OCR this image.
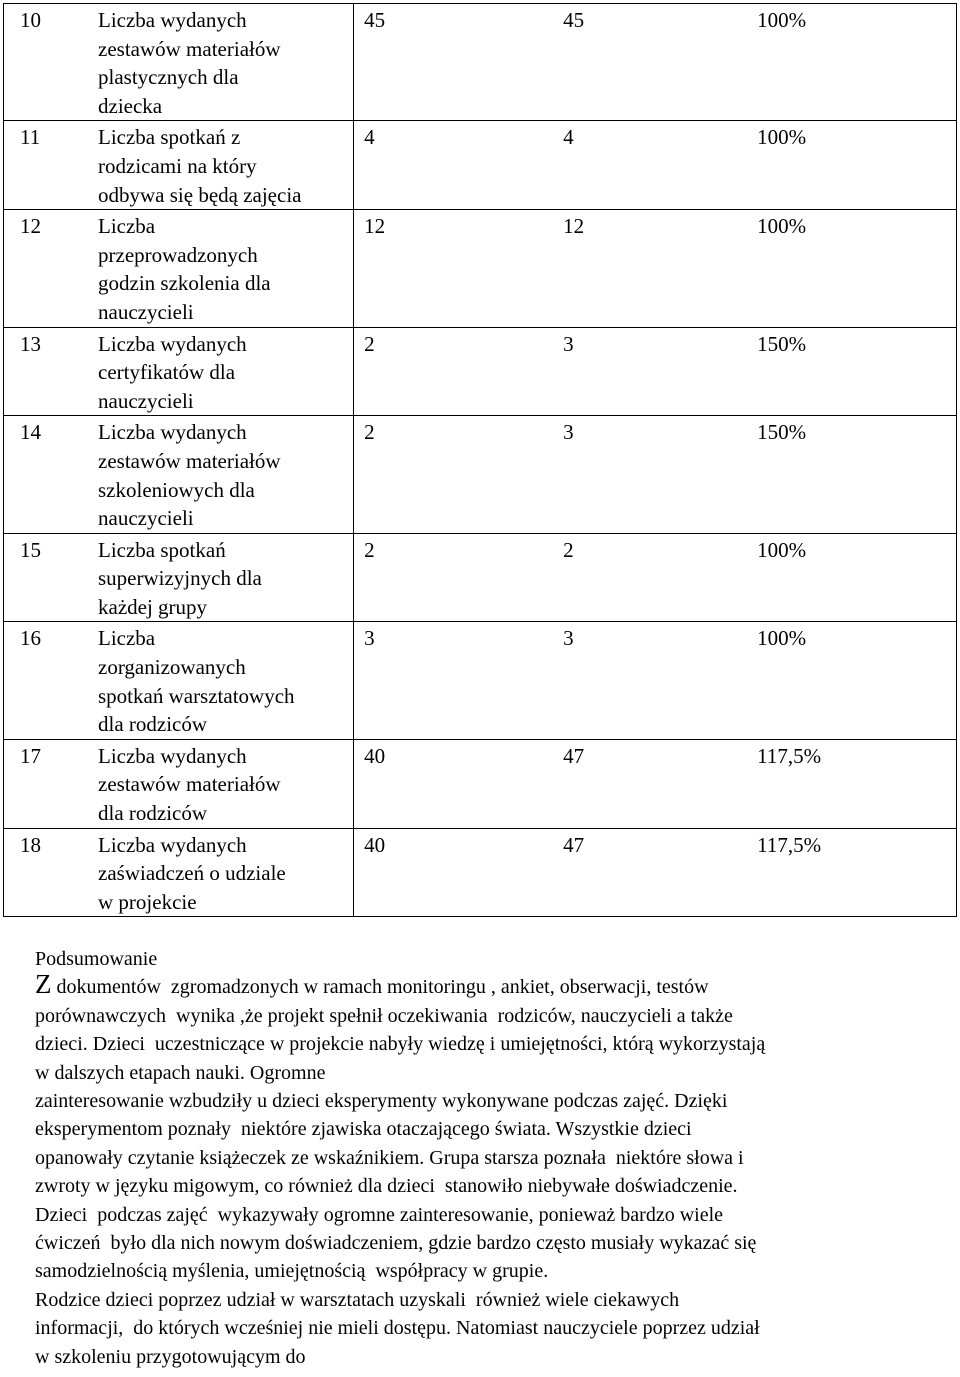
10 Liczba wydanych
zestawów materiałów
plastycznych dla
dziecka	45 45 100%

11 Liczba spotkań z
rodzicami na który
odbywa się będą zajęcia	4 4 100%

12 Liczba
przeprowadzonych
godzin szkolenia dla
nauczycieli	12 12 100%

13 Liczba wydanych
certyfikatów dla
nauczycieli	2 3 150%

14 Liczba wydanych
zestawów materiałów
szkoleniowych dla
nauczycieli	2 3 150%

15 Liczba spotkań
superwizyjnych dla
każdej grupy	2 2 100%

16 Liczba
zorganizowanych
spotkań warsztatowych
dla rodziców	3 3 100%

17 Liczba wydanych
zestawów materiałów
dla rodziców	40 47 117,5%

18 Liczba wydanych
zaświadczeń o udziale
w projekcie	40 47 117,5%

Podsumowanie

Z dokumentów  zgromadzonych w ramach monitoringu , ankiet, obserwacji, testów

porównawczych  wynika ,że projekt spełnił oczekiwania  rodziców, nauczycieli a także

dzieci. Dzieci  uczestniczące w projekcie nabyły wiedzę i umiejętności, którą wykorzystają

w dalszych etapach nauki. Ogromne

zainteresowanie wzbudziły u dzieci eksperymenty wykonywane podczas zajęć. Dzięki

eksperymentom poznały  niektóre zjawiska otaczającego świata. Wszystkie dzieci

opanowały czytanie książeczek ze wskaźnikiem. Grupa starsza poznała  niektóre słowa i

zwroty w języku migowym, co również dla dzieci  stanowiło niebywałe doświadczenie.

Dzieci  podczas zajęć  wykazywały ogromne zainteresowanie, ponieważ bardzo wiele

ćwiczeń  było dla nich nowym doświadczeniem, gdzie bardzo często musiały wykazać się

samodzielnością myślenia, umiejętnością  współpracy w grupie.

Rodzice dzieci poprzez udział w warsztatach uzyskali  również wiele ciekawych

informacji,  do których wcześniej nie mieli dostępu. Natomiast nauczyciele poprzez udział

w szkoleniu przygotowującym do
